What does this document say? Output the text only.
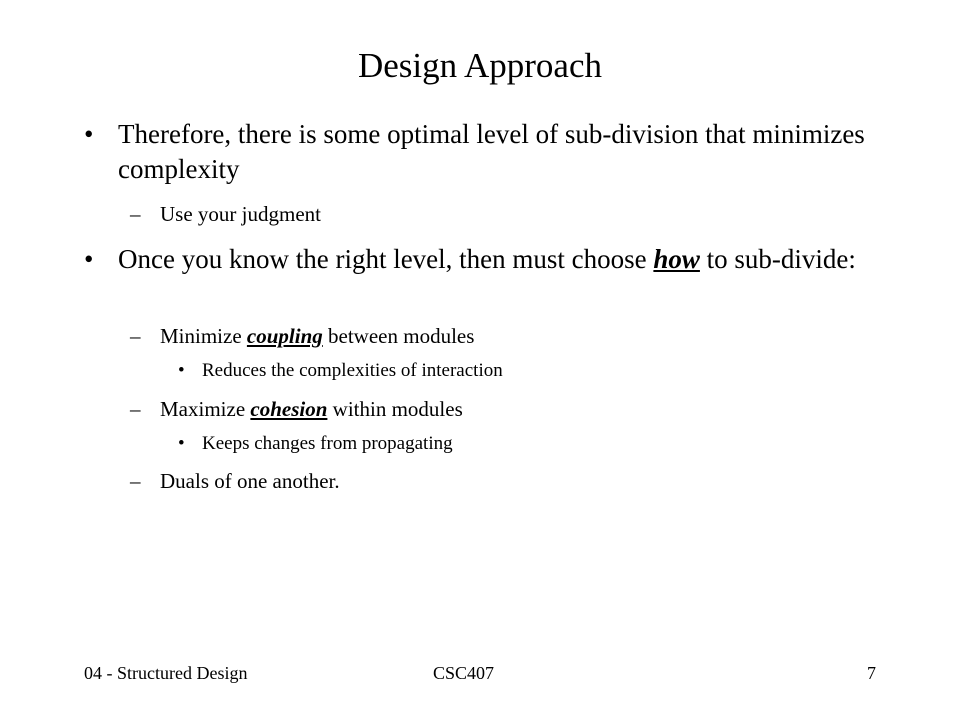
Design Approach
• Therefore, there is some optimal level of sub-division that minimizes complexity
– Use your judgment
• Once you know the right level, then must choose how to sub-divide:
– Minimize coupling between modules
• Reduces the complexities of interaction
– Maximize cohesion within modules
• Keeps changes from propagating
– Duals of one another.
04 - Structured Design	CSC407	7
